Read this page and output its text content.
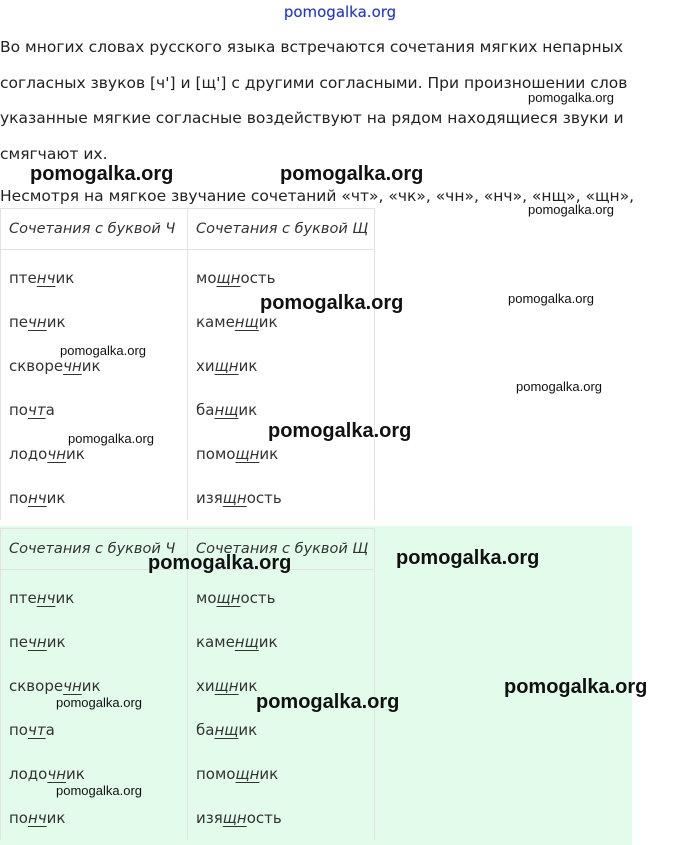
pomogalka.org

Во многих словах русского языка встречаются сочетания мягких непарных согласных звуков [ч'] и [щ'] с другими согласными. При произношении слов указанные мягкие согласные воздействуют на рядом находящиеся звуки и смягчают их.

Несмотря на мягкое звучание сочетаний «чт», «чк», «чн», «нч», «нщ», «щн»,

Сочетания с буквой Ч	Сочетания с буквой Щ
птенчик	мощность
печник	каменщик
скворечник	хищник
почта	банщик
лодочник	помощник
пончик	изящность
Сочетания с буквой Ч	Сочетания с буквой Щ
птенчик	мощность
печник	каменщик
скворечник	хищник
почта	банщик
лодочник	помощник
пончик	изящность
pomogalka.org
pomogalka.org	pomogalka.org
pomogalka.org
pomogalka.org	pomogalka.org
pomogalka.org
pomogalka.org
pomogalka.org	pomogalka.org
pomogalka.org
pomogalka.org
pomogalka.org
pomogalka.org	pomogalka.org
pomogalka.org
